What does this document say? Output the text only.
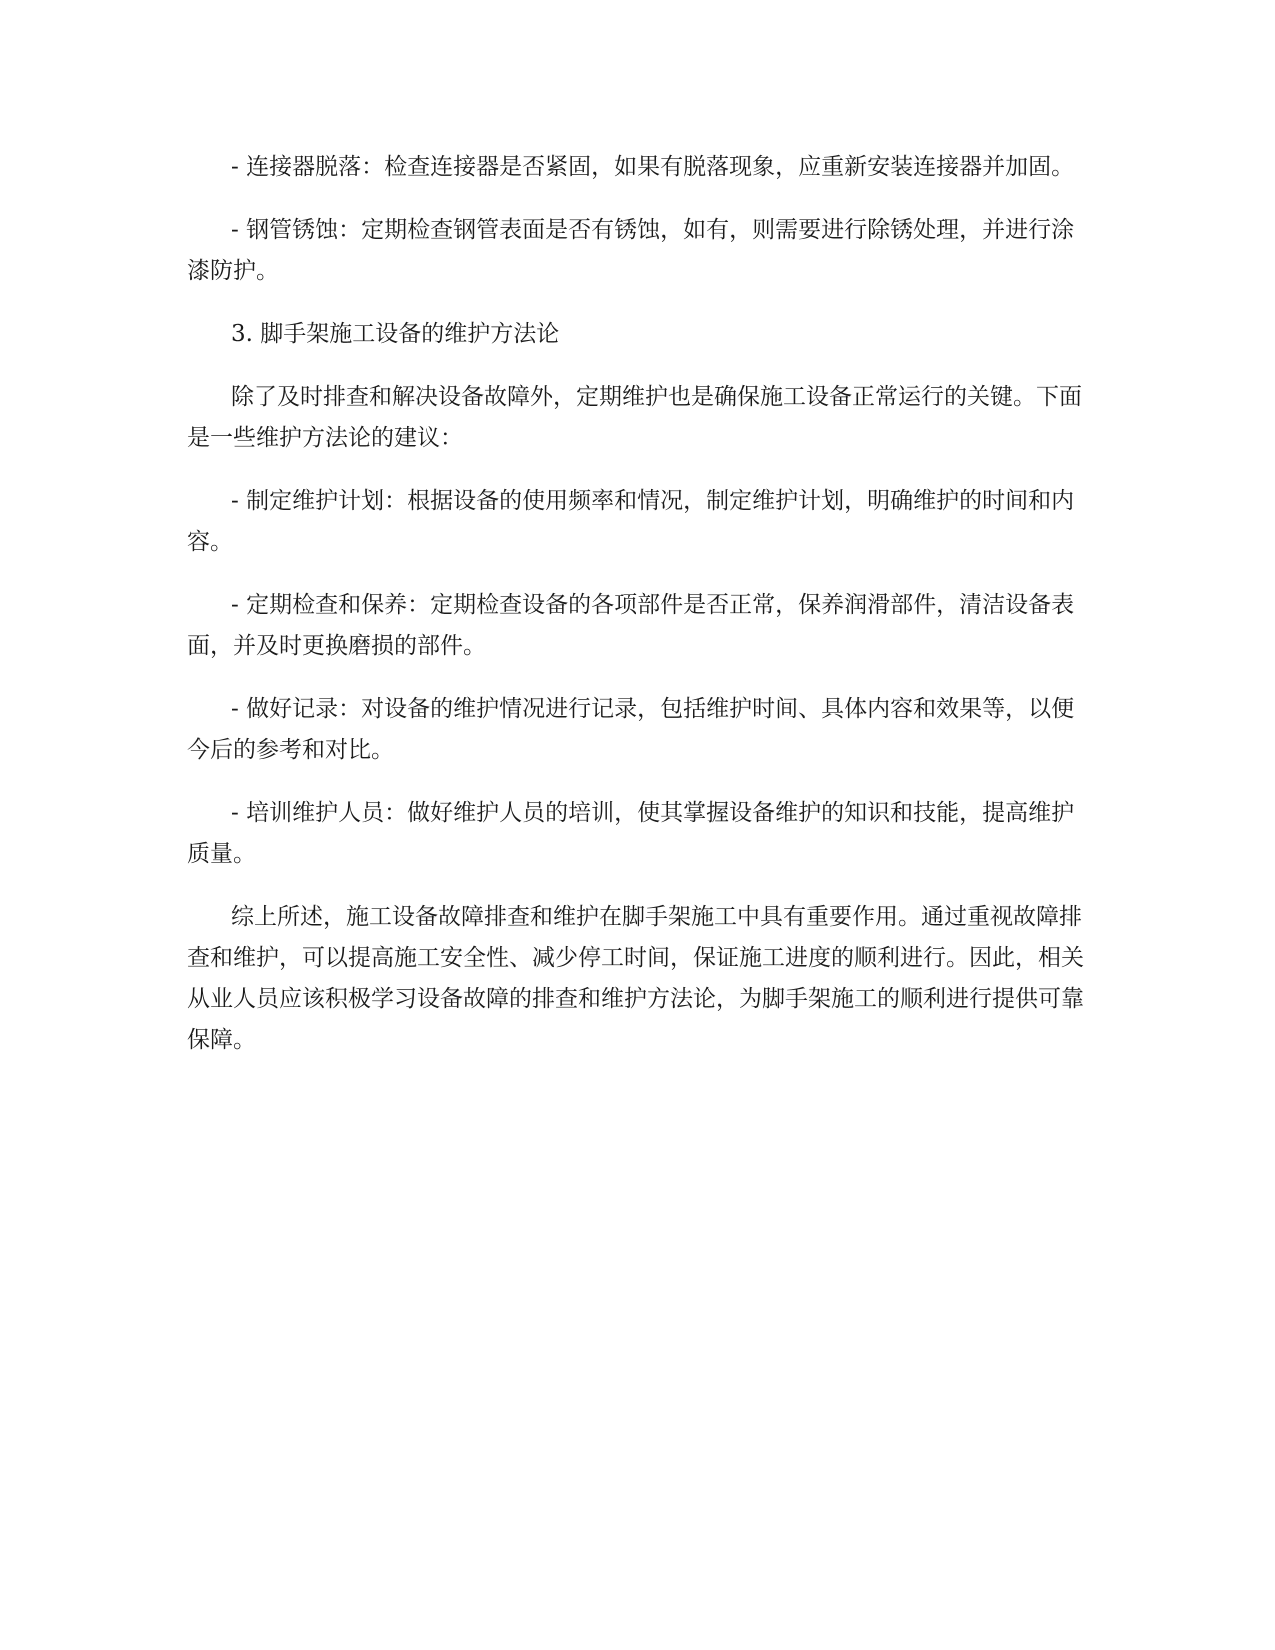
- 连接器脱落：检查连接器是否紧固，如果有脱落现象，应重新安装连接器并加固。

- 钢管锈蚀：定期检查钢管表面是否有锈蚀，如有，则需要进行除锈处理，并进行涂漆防护。

3. 脚手架施工设备的维护方法论

除了及时排查和解决设备故障外，定期维护也是确保施工设备正常运行的关键。下面是一些维护方法论的建议：

- 制定维护计划：根据设备的使用频率和情况，制定维护计划，明确维护的时间和内容。

- 定期检查和保养：定期检查设备的各项部件是否正常，保养润滑部件，清洁设备表面，并及时更换磨损的部件。

- 做好记录：对设备的维护情况进行记录，包括维护时间、具体内容和效果等，以便今后的参考和对比。

- 培训维护人员：做好维护人员的培训，使其掌握设备维护的知识和技能，提高维护质量。

综上所述，施工设备故障排查和维护在脚手架施工中具有重要作用。通过重视故障排查和维护，可以提高施工安全性、减少停工时间，保证施工进度的顺利进行。因此，相关从业人员应该积极学习设备故障的排查和维护方法论，为脚手架施工的顺利进行提供可靠保障。
